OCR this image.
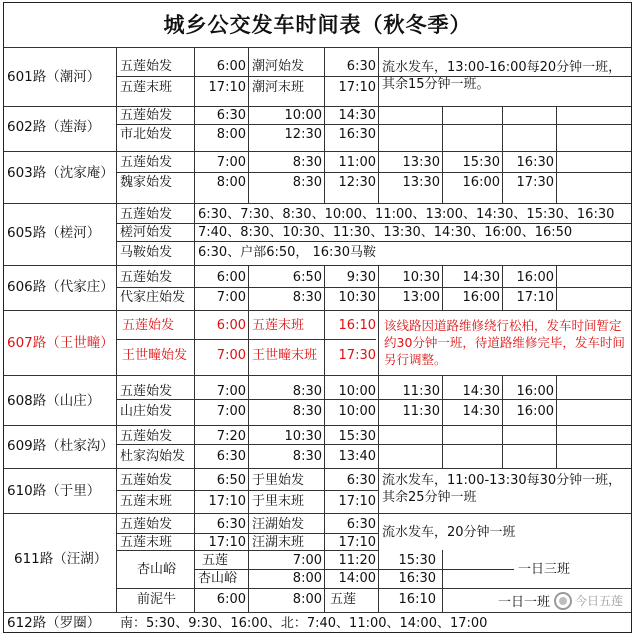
城乡公交发车时间表（秋冬季）
601路（潮河）
五莲始发	6:00 潮河始发	6:30
五莲末班	17:10 潮河末班	17:10
流水发车，13:00-16:00每20分钟一班，其余15分钟一班。
602路（莲海）
五莲始发	6:30	10:00	14:30
市北始发	8:00	12:30	16:30
603路（沈家庵）
五莲始发	7:00	8:30	11:00	13:30	15:30	16:30
魏家始发	8:00	8:30	12:30	13:30	16:00	17:30
605路（槎河）
五莲始发 6:30、7:30、8:30、10:00、11:00、13:00、14:30、15:30、16:30
槎河始发 7:40、8:30、10:30、11:30、13:30、14:30、16:00、16:50
马鞍始发 6:30、户部6:50， 16:30马鞍
606路（代家庄）
五莲始发	6:00	6:50	9:30	10:30	14:30	16:00
代家庄始发	7:00	8:30	10:30	13:00	16:00	17:10
607路（王世疃）
五莲始发	6:00 五莲末班	16:10
王世疃始发	7:00 王世疃末班	17:30
该线路因道路维修绕行松柏，发车时间暂定约30分钟一班，待道路维修完毕，发车时间另行调整。
608路（山庄）
五莲始发	7:00	8:30	10:00	11:30	14:30	16:00
山庄始发	7:00	8:30	10:00	11:30	14:30	16:00
609路（杜家沟）
五莲始发	7:20	10:30	15:30
杜家沟始发	6:30	8:30	13:40
610路（于里）
五莲始发	6:50 于里始发	6:30
五莲末班	17:10 于里末班	17:10
流水发车，11:00-13:30每30分钟一班，其余25分钟一班
611路（汪湖）
五莲始发	6:30 汪湖始发	6:30
五莲末班	17:10 汪湖末班	17:10
流水发车，20分钟一班
杏山峪
五莲	7:00	11:20	15:30
杏山峪	8:00	14:00	16:30
一日三班
前泥牛	6:00	8:00 五莲	16:10	一日一班
612路（罗圈） 南：5:30、9:30、16:00、北：7:40、11:00、14:00、17:00
今日五莲
